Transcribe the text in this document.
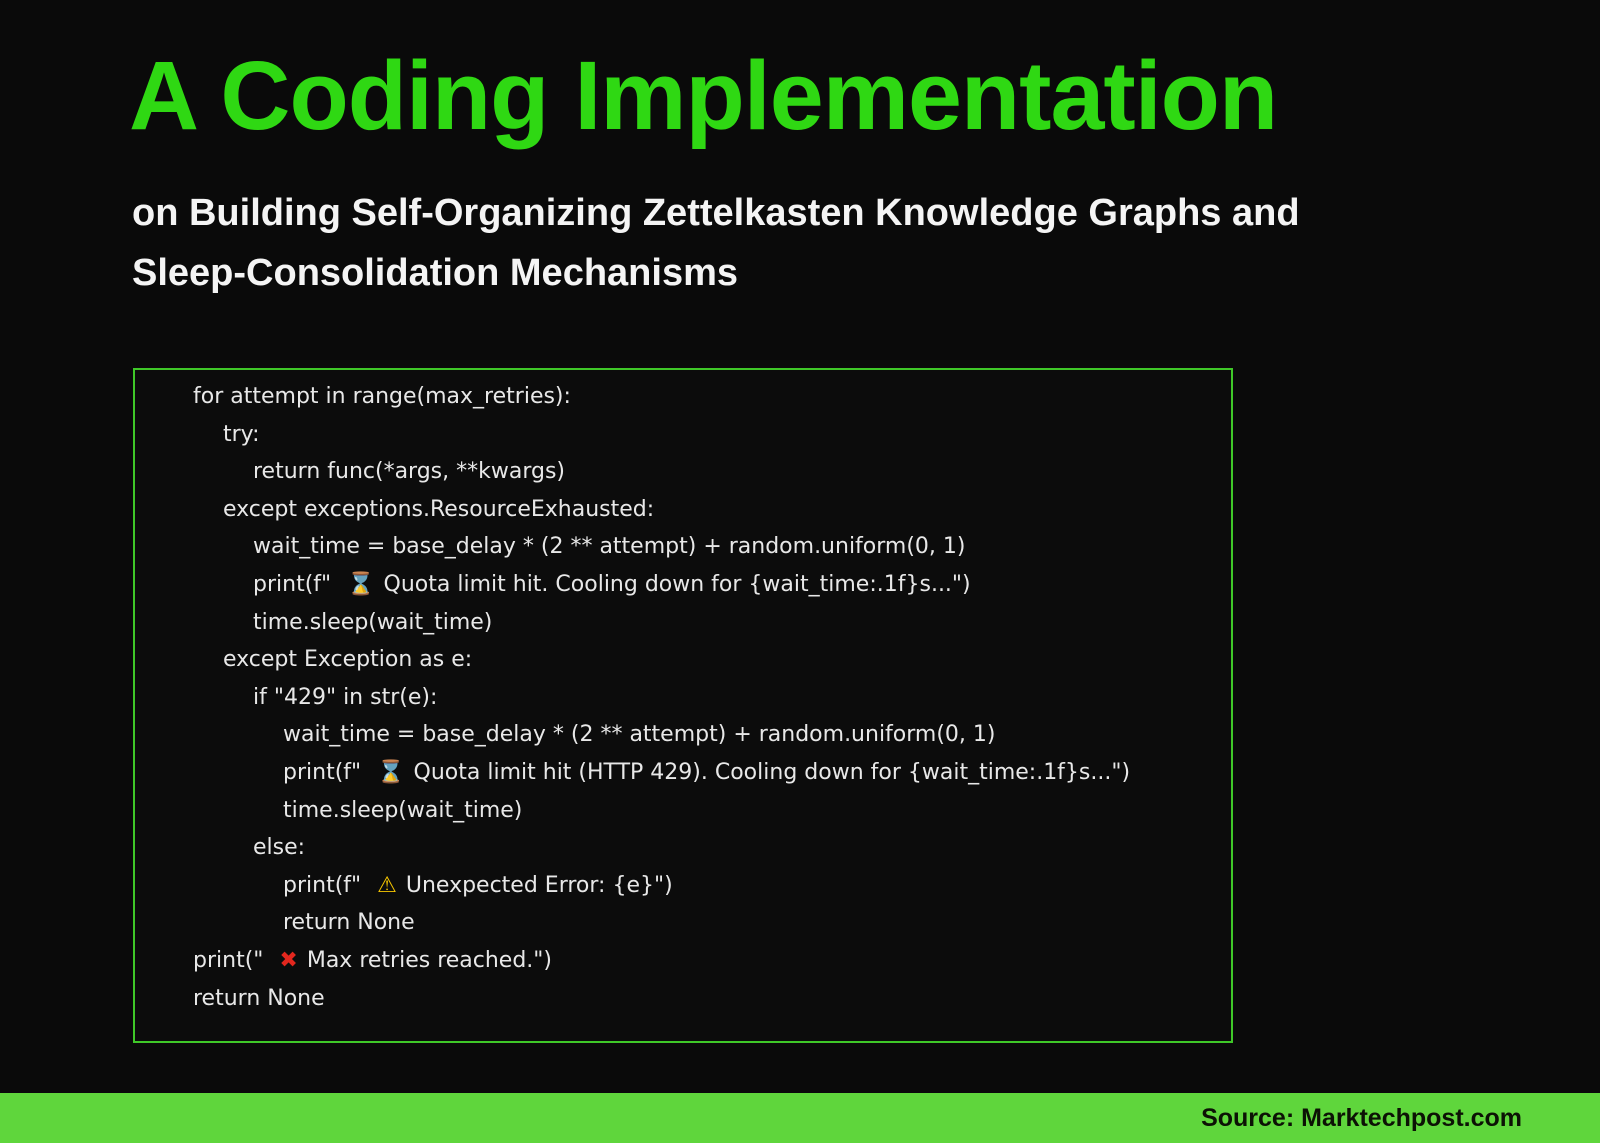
A Coding Implementation
on Building Self-Organizing Zettelkasten Knowledge Graphs and
Sleep-Consolidation Mechanisms
for attempt in range(max_retries):
try:
return func(*args, **kwargs)
except exceptions.ResourceExhausted:
wait_time = base_delay * (2 ** attempt) + random.uniform(0, 1)
print(f" ⌛ Quota limit hit. Cooling down for {wait_time:.1f}s...")
time.sleep(wait_time)
except Exception as e:
if "429" in str(e):
wait_time = base_delay * (2 ** attempt) + random.uniform(0, 1)
print(f" ⌛ Quota limit hit (HTTP 429). Cooling down for {wait_time:.1f}s...")
time.sleep(wait_time)
else:
print(f" ⚠ Unexpected Error: {e}")
return None
print(" ✖ Max retries reached.")
return None
Source: Marktechpost.com
